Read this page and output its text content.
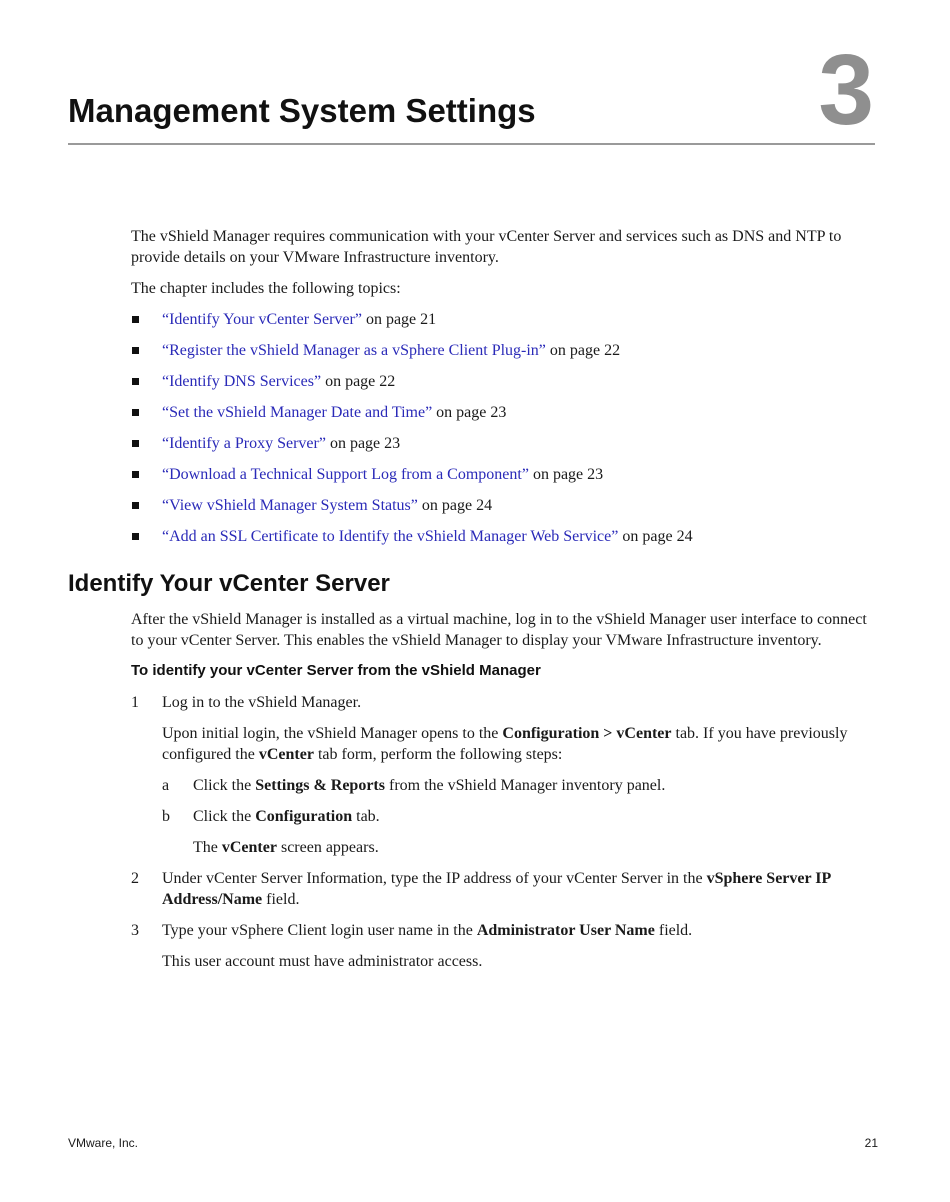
3
Management System Settings

The vShield Manager requires communication with your vCenter Server and services such as DNS and NTP to provide details on your VMware Infrastructure inventory.

The chapter includes the following topics:

“Identify Your vCenter Server” on page 21
“Register the vShield Manager as a vSphere Client Plug-in” on page 22
“Identify DNS Services” on page 22
“Set the vShield Manager Date and Time” on page 23
“Identify a Proxy Server” on page 23
“Download a Technical Support Log from a Component” on page 23
“View vShield Manager System Status” on page 24
“Add an SSL Certificate to Identify the vShield Manager Web Service” on page 24
Identify Your vCenter Server

After the vShield Manager is installed as a virtual machine, log in to the vShield Manager user interface to connect to your vCenter Server. This enables the vShield Manager to display your VMware Infrastructure inventory.

To identify your vCenter Server from the vShield Manager
1 Log in to the vShield Manager.

Upon initial login, the vShield Manager opens to the Configuration > vCenter tab. If you have previously configured the vCenter tab form, perform the following steps:

a Click the Settings & Reports from the vShield Manager inventory panel.

b Click the Configuration tab.

The vCenter screen appears.

2 Under vCenter Server Information, type the IP address of your vCenter Server in the vSphere Server IP Address/Name field.

3 Type your vSphere Client login user name in the Administrator User Name field.

This user account must have administrator access.

VMware, Inc.	21
